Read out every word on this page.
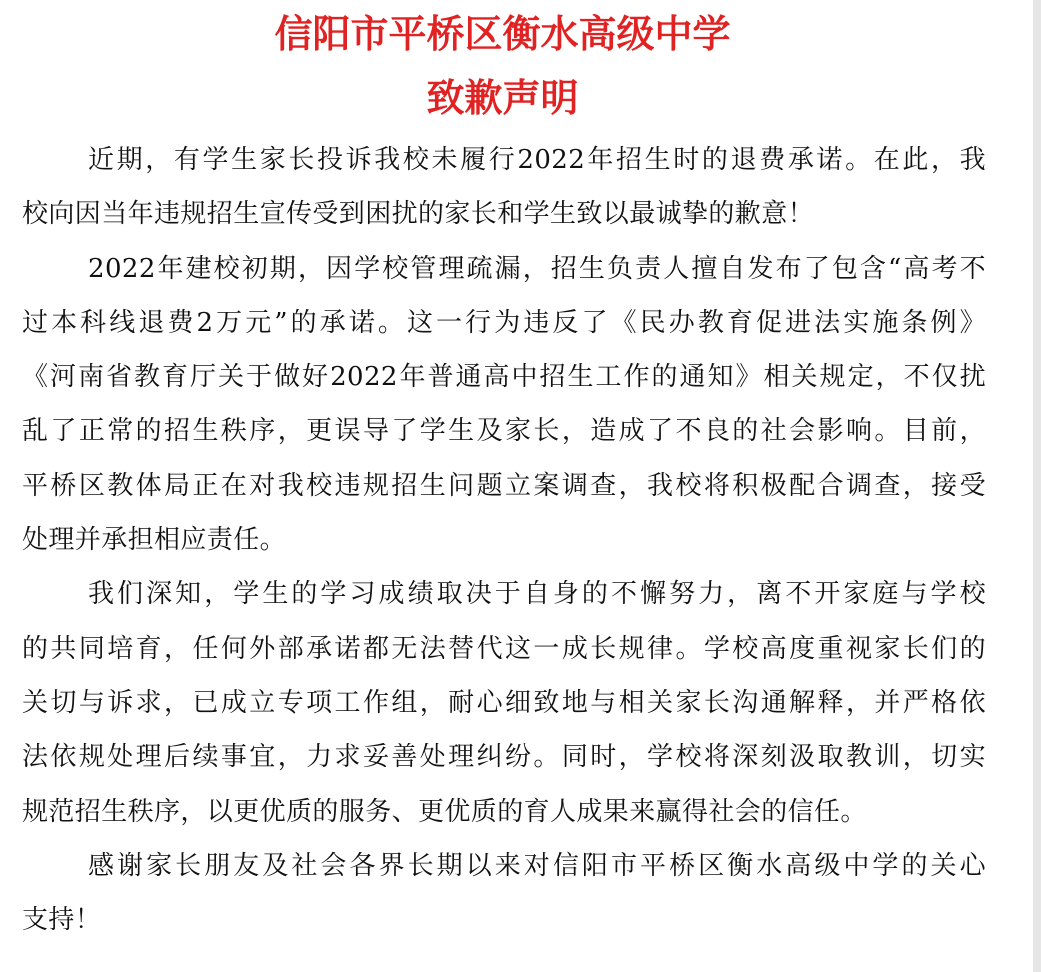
信阳市平桥区衡水高级中学
致歉声明
近期，有学生家长投诉我校未履行2022年招生时的退费承诺。在此，我
校向因当年违规招生宣传受到困扰的家长和学生致以最诚挚的歉意！
2022年建校初期，因学校管理疏漏，招生负责人擅自发布了包含“高考不
过本科线退费2万元”的承诺。这一行为违反了《民办教育促进法实施条例》
《河南省教育厅关于做好2022年普通高中招生工作的通知》相关规定，不仅扰
乱了正常的招生秩序，更误导了学生及家长，造成了不良的社会影响。目前，
平桥区教体局正在对我校违规招生问题立案调查，我校将积极配合调查，接受
处理并承担相应责任。
我们深知，学生的学习成绩取决于自身的不懈努力，离不开家庭与学校
的共同培育，任何外部承诺都无法替代这一成长规律。学校高度重视家长们的
关切与诉求，已成立专项工作组，耐心细致地与相关家长沟通解释，并严格依
法依规处理后续事宜，力求妥善处理纠纷。同时，学校将深刻汲取教训，切实
规范招生秩序，以更优质的服务、更优质的育人成果来赢得社会的信任。
感谢家长朋友及社会各界长期以来对信阳市平桥区衡水高级中学的关心
支持！
